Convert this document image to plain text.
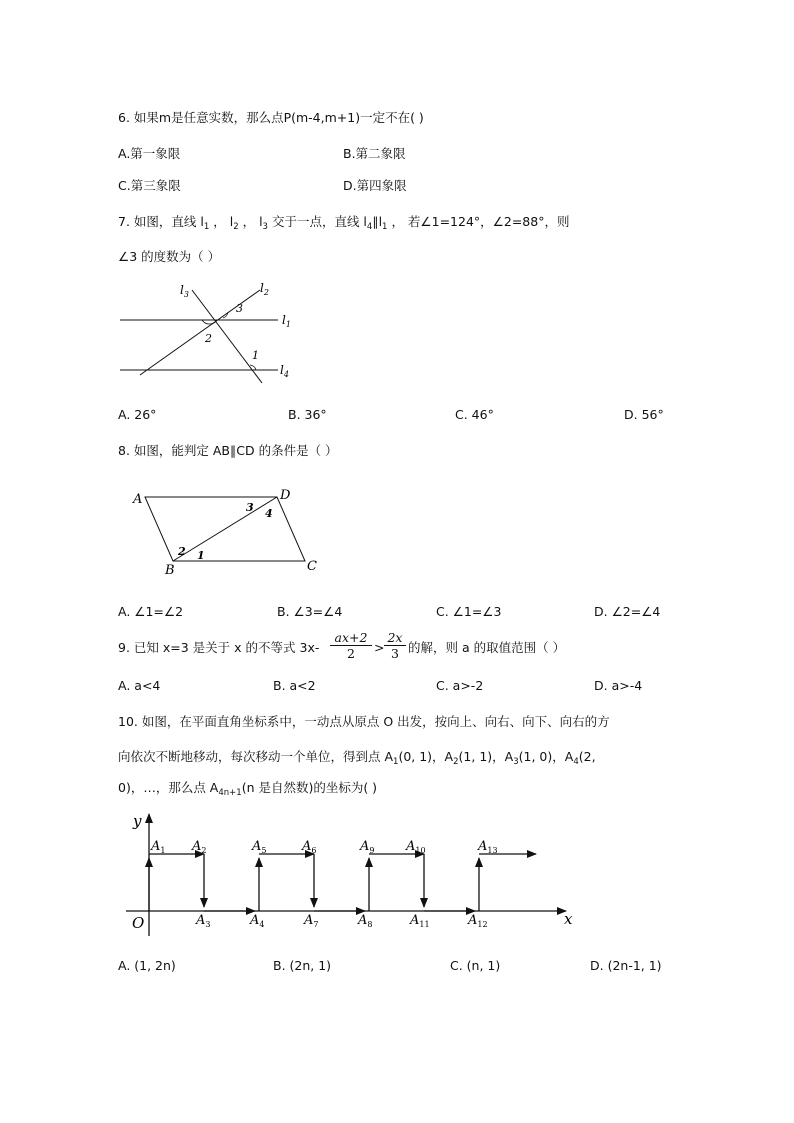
6. 如果m是任意实数，那么点P(m-4,m+1)一定不在( )
A.第一象限	B.第二象限
C.第三象限	D.第四象限
7. 如图，直线 $l_1$ ， $l_2$ ， $l_3$ 交于一点，直线 $l_4\parallel l_1$ ， 若∠1=124°，∠2=88°，则
∠3 的度数为（ ）
$l_3$	$l_2$
$l_1$
$l_4$
3
2
1
A. 26°	B. 36°	C. 46°	D. 56°
8. 如图，能判定 AB∥CD 的条件是（ ）
A	D
B	C
3 4
2 1
A. ∠1=∠2	B. ∠3=∠4	C. ∠1=∠3	D. ∠2=∠4
9. 已知 x=3 是关于 x 的不等式 3x-
ax+2
2	>
2x
3 的解，则 a 的取值范围（ ）
A. a<4	B. a<2	C. a>-2	D. a>-4
10. 如图，在平面直角坐标系中，一动点从原点 O 出发，按向上、向右、向下、向右的方
向依次不断地移动，每次移动一个单位，得到点 $A_1(0$, 1)，$A_2(1$, 1)，$A_3(1$, 0)，$A_4(2$,
0)，…，那么点 $A_{4n+1}(n$ 是自然数)的坐标为( )
x
y
O
$A_1$ $A_2$
$A_3$	$A_4$
$A_5$	$A_6$
$A_7$	$A_8$
$A_9$ $A_{10}$
$A_{11}$	$A_{12}$
$A_{13}$
A. (1, 2n)	B. (2n, 1)	C. (n, 1)	D. (2n-1, 1)
